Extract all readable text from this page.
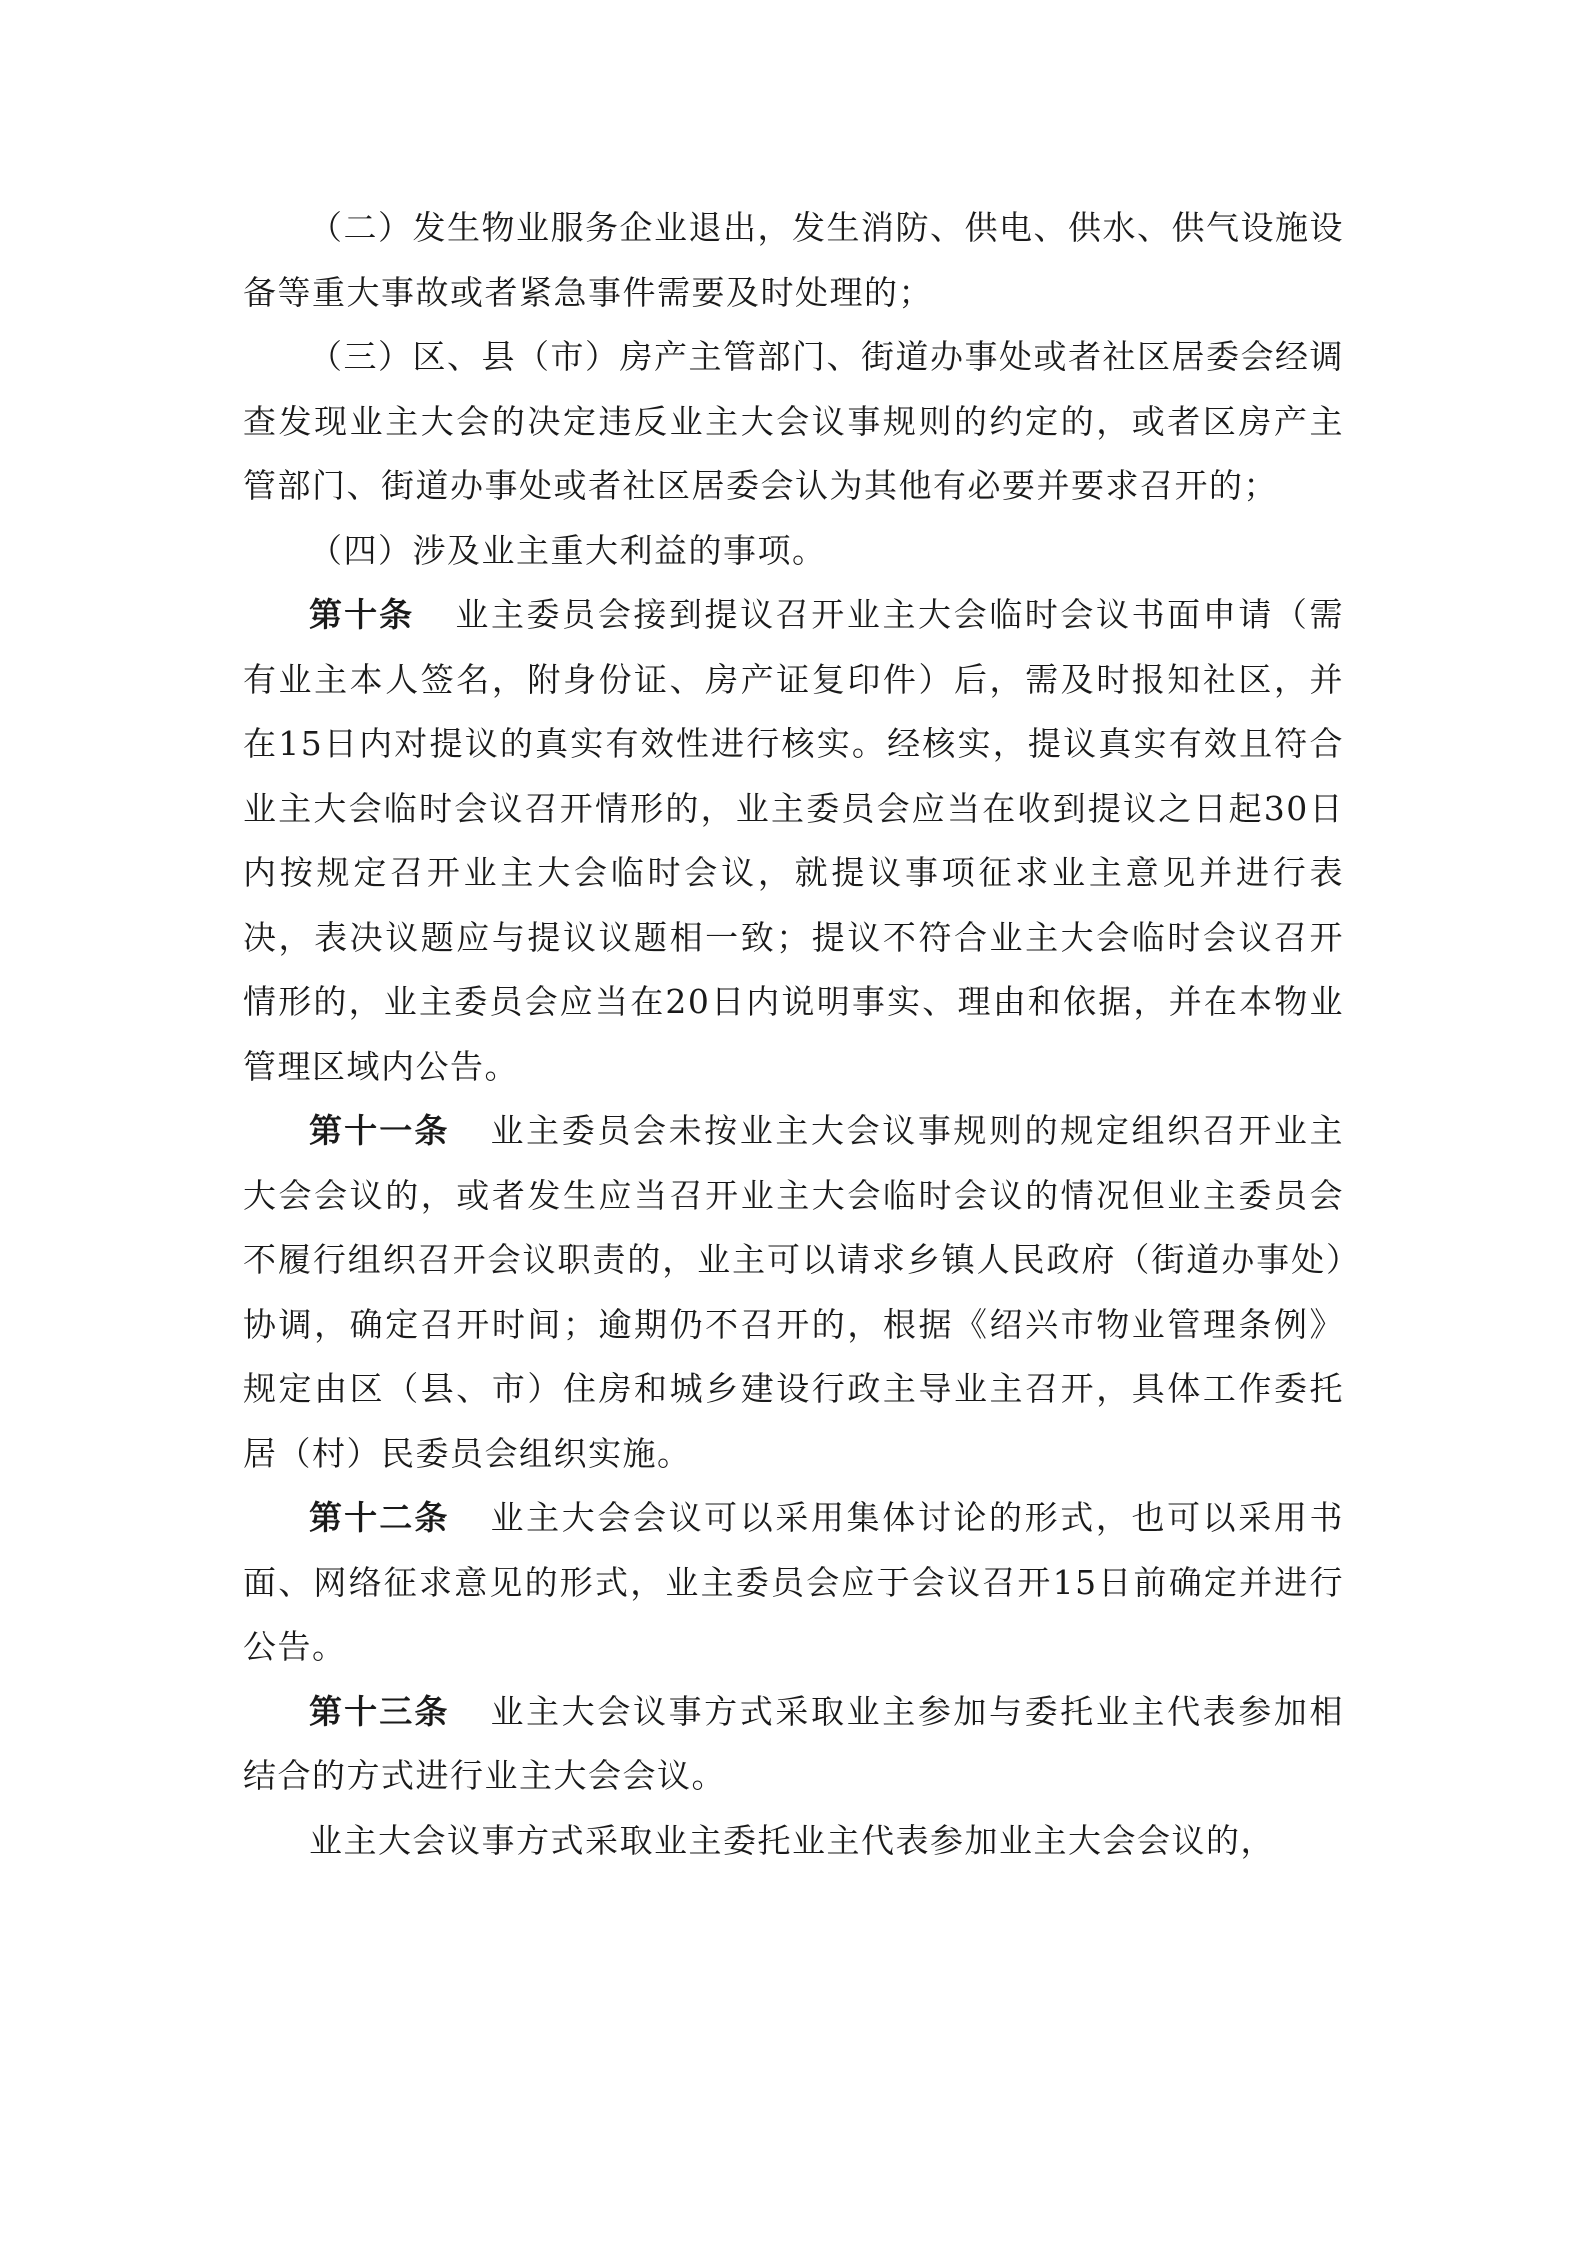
（二）发生物业服务企业退出，发生消防、供电、供水、供气设施设备等重大事故或者紧急事件需要及时处理的；

（三）区、县（市）房产主管部门、街道办事处或者社区居委会经调查发现业主大会的决定违反业主大会议事规则的约定的，或者区房产主管部门、街道办事处或者社区居委会认为其他有必要并要求召开的；

（四）涉及业主重大利益的事项。

第十条 业主委员会接到提议召开业主大会临时会议书面申请（需有业主本人签名，附身份证、房产证复印件）后，需及时报知社区，并在15日内对提议的真实有效性进行核实。经核实，提议真实有效且符合业主大会临时会议召开情形的，业主委员会应当在收到提议之日起30日内按规定召开业主大会临时会议，就提议事项征求业主意见并进行表决，表决议题应与提议议题相一致；提议不符合业主大会临时会议召开情形的，业主委员会应当在20日内说明事实、理由和依据，并在本物业管理区域内公告。

第十一条 业主委员会未按业主大会议事规则的规定组织召开业主大会会议的，或者发生应当召开业主大会临时会议的情况但业主委员会不履行组织召开会议职责的，业主可以请求乡镇人民政府（街道办事处）协调，确定召开时间；逾期仍不召开的，根据《绍兴市物业管理条例》规定由区（县、市）住房和城乡建设行政主导业主召开，具体工作委托居（村）民委员会组织实施。

第十二条 业主大会会议可以采用集体讨论的形式，也可以采用书面、网络征求意见的形式，业主委员会应于会议召开15日前确定并进行公告。

第十三条 业主大会议事方式采取业主参加与委托业主代表参加相结合的方式进行业主大会会议。

业主大会议事方式采取业主委托业主代表参加业主大会会议的，
